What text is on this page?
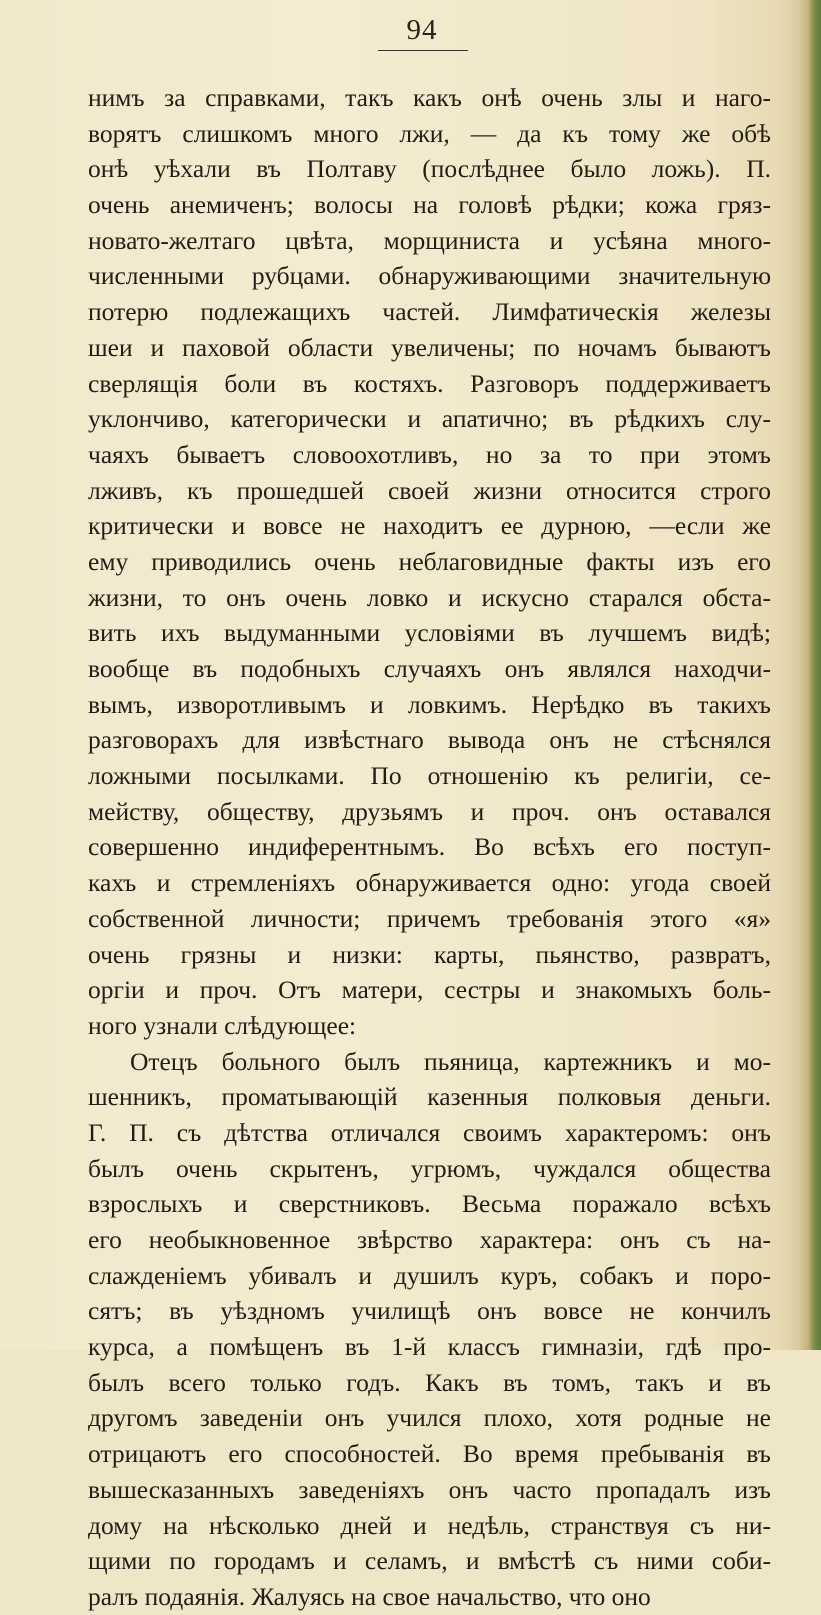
94
нимъ за справками, такъ какъ онѣ очень злы и наго-
ворятъ слишкомъ много лжи, — да къ тому же обѣ
онѣ уѣхали въ Полтаву (послѣднее было ложь). П.
очень анемиченъ; волосы на головѣ рѣдки; кожа гряз-
новато-желтаго цвѣта, морщиниста и усѣяна много-
численными рубцами. обнаруживающими значительную
потерю подлежащихъ частей. Лимфатическія железы
шеи и паховой области увеличены; по ночамъ бываютъ
сверлящія боли въ костяхъ. Разговоръ поддерживаетъ
уклончиво, категорически и апатично; въ рѣдкихъ слу-
чаяхъ бываетъ словоохотливъ, но за то при этомъ
лживъ, къ прошедшей своей жизни относится строго
критически и вовсе не находитъ ее дурною, —если же
ему приводились очень неблаговидные факты изъ его
жизни, то онъ очень ловко и искусно старался обста-
вить ихъ выдуманными условіями въ лучшемъ видѣ;
вообще въ подобныхъ случаяхъ онъ являлся находчи-
вымъ, изворотливымъ и ловкимъ. Нерѣдко въ такихъ
разговорахъ для извѣстнаго вывода онъ не стѣснялся
ложными посылками. По отношенію къ религіи, се-
мейству, обществу, друзьямъ и проч. онъ оставался
совершенно индиферентнымъ. Во всѣхъ его поступ-
кахъ и стремленіяхъ обнаруживается одно: угода своей
собственной личности; причемъ требованія этого «я»
очень грязны и низки: карты, пьянство, развратъ,
оргіи и проч. Отъ матери, сестры и знакомыхъ боль-
ного узнали слѣдующее:
Отецъ больного былъ пьяница, картежникъ и мо-
шенникъ, проматывающій казенныя полковыя деньги.
Г. П. съ дѣтства отличался своимъ характеромъ: онъ
былъ очень скрытенъ, угрюмъ, чуждался общества
взрослыхъ и сверстниковъ. Весьма поражало всѣхъ
его необыкновенное звѣрство характера: онъ съ на-
слажденіемъ убивалъ и душилъ куръ, собакъ и поро-
сятъ; въ уѣздномъ училищѣ онъ вовсе не кончилъ
курса, а помѣщенъ въ 1-й классъ гимназіи, гдѣ про-
былъ всего только годъ. Какъ въ томъ, такъ и въ
другомъ заведеніи онъ учился плохо, хотя родные не
отрицаютъ его способностей. Во время пребыванія въ
вышесказанныхъ заведеніяхъ онъ часто пропадалъ изъ
дому на нѣсколько дней и недѣль, странствуя съ ни-
щими по городамъ и селамъ, и вмѣстѣ съ ними соби-
ралъ подаянія. Жалуясь на свое начальство, что оно
